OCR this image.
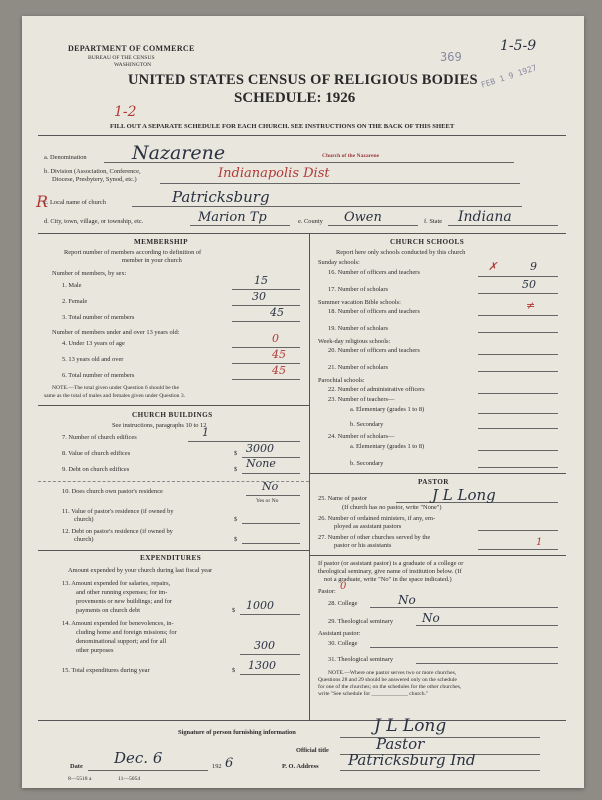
DEPARTMENT OF COMMERCE
BUREAU OF THE CENSUS
WASHINGTON
369
FEB 1 9 1927
1-5-9
UNITED STATES CENSUS OF RELIGIOUS BODIES
SCHEDULE: 1926
1-2
FILL OUT A SEPARATE SCHEDULE FOR EACH CHURCH. SEE INSTRUCTIONS ON THE BACK OF THIS SHEET
a. Denomination Nazarene	Church of the Nazarene
b. Division (Association, Conference,
Diocese, Presbytery, Synod, etc.)	Indianapolis Dist
R
c. Local name of church	Patricksburg
d. City, town, village, or township, etc.	Marion Tp	e. County Owen	f. State Indiana
MEMBERSHIP
Report number of members according to definition of
member in your church
Number of members, by sex:
1. Male	15
2. Female	30
3. Total number of members	45
Number of members under and over 13 years old:
4. Under 13 years of age	0
5. 13 years old and over	45
6. Total number of members	45
NOTE.—The total given under Question 6 should be the
same as the total of males and females given under Question 3.
CHURCH BUILDINGS
See instructions, paragraphs 10 to 12
7. Number of church edifices	1
8. Value of church edifices	$ 3000
9. Debt on church edifices	$ None
10. Does church own pastor's residence	No
Yes or No
11. Value of pastor's residence (if owned by
church)	$
12. Debt on pastor's residence (if owned by
church)	$
EXPENDITURES
Amount expended by your church during last fiscal year
13. Amount expended for salaries, repairs,
and other running expenses; for im-
provements or new buildings; and for
payments on church debt	$ 1000
14. Amount expended for benevolences, in-
cluding home and foreign missions; for
denominational support; and for all
other purposes	300
15. Total expenditures during year	$ 1300
CHURCH SCHOOLS
Report here only schools conducted by this church
Sunday schools:
16. Number of officers and teachers	✗	9
17. Number of scholars	50
Summer vacation Bible schools:
18. Number of officers and teachers	≠
19. Number of scholars
Week-day religious schools:
20. Number of officers and teachers
21. Number of scholars
Parochial schools:
22. Number of administrative officers
23. Number of teachers—
a. Elementary (grades 1 to 8)
b. Secondary
24. Number of scholars—
a. Elementary (grades 1 to 8)
b. Secondary
PASTOR
25. Name of pastor	J L Long
(If church has no pastor, write "None")
26. Number of ordained ministers, if any, em-
ployed as assistant pastors
27. Number of other churches served by the
pastor or his assistants	1
If pastor (or assistant pastor) is a graduate of a college or
theological seminary, give name of institution below. (If
not a graduate, write "No" in the space indicated.)
Pastor: 0
28. College	No
29. Theological seminary No
Assistant pastor:
30. College
31. Theological seminary
NOTE.—Where one pastor serves two or more churches,
Questions 28 and 29 should be answered only on the schedule
for one of the churches; on the schedules for the other churches,
write "See schedule for _____________ church."
Signature of person furnishing information	J L Long
Official title	Pastor
Date Dec. 6	192 6	P. O. Address Patricksburg Ind
8—5518 a	11—5054
